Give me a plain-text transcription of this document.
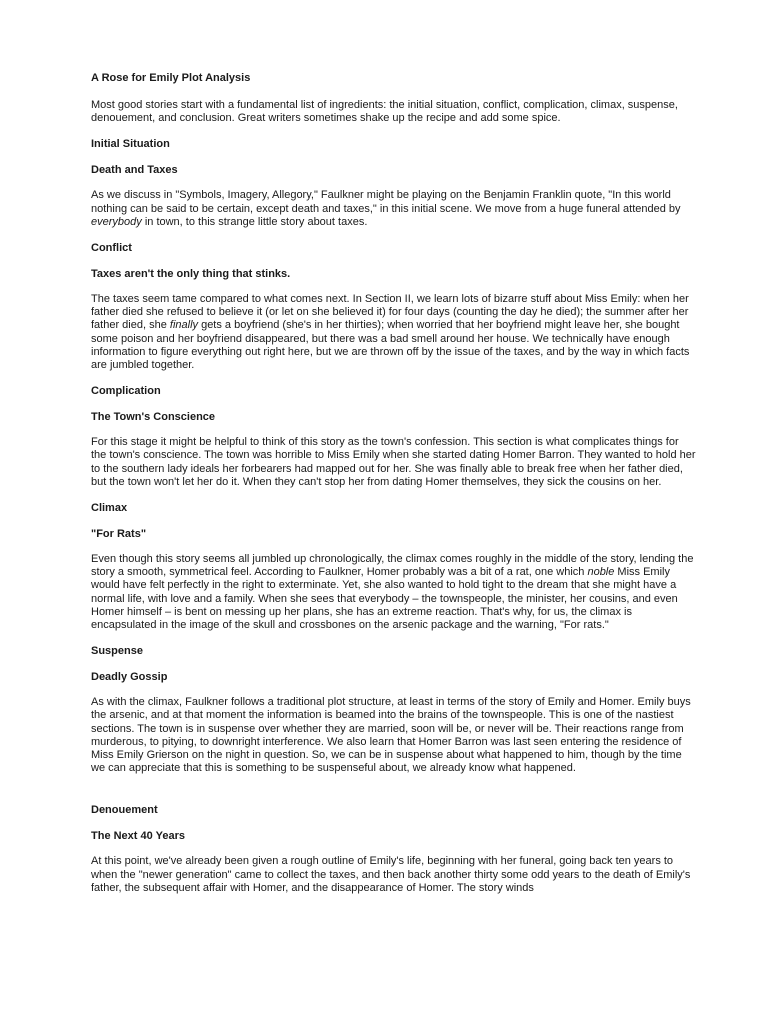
A Rose for Emily Plot Analysis

Most good stories start with a fundamental list of ingredients: the initial situation, conflict, complication, climax, suspense, denouement, and conclusion. Great writers sometimes shake up the recipe and add some spice.

Initial Situation

Death and Taxes

As we discuss in "Symbols, Imagery, Allegory," Faulkner might be playing on the Benjamin Franklin quote, "In this world nothing can be said to be certain, except death and taxes," in this initial scene. We move from a huge funeral attended by everybody in town, to this strange little story about taxes.

Conflict

Taxes aren't the only thing that stinks.

The taxes seem tame compared to what comes next. In Section II, we learn lots of bizarre stuff about Miss Emily: when her father died she refused to believe it (or let on she believed it) for four days (counting the day he died); the summer after her father died, she finally gets a boyfriend (she's in her thirties); when worried that her boyfriend might leave her, she bought some poison and her boyfriend disappeared, but there was a bad smell around her house. We technically have enough information to figure everything out right here, but we are thrown off by the issue of the taxes, and by the way in which facts are jumbled together.

Complication

The Town's Conscience

For this stage it might be helpful to think of this story as the town's confession. This section is what complicates things for the town's conscience. The town was horrible to Miss Emily when she started dating Homer Barron. They wanted to hold her to the southern lady ideals her forbearers had mapped out for her. She was finally able to break free when her father died, but the town won't let her do it. When they can't stop her from dating Homer themselves, they sick the cousins on her.

Climax

"For Rats"

Even though this story seems all jumbled up chronologically, the climax comes roughly in the middle of the story, lending the story a smooth, symmetrical feel. According to Faulkner, Homer probably was a bit of a rat, one which noble Miss Emily would have felt perfectly in the right to exterminate. Yet, she also wanted to hold tight to the dream that she might have a normal life, with love and a family. When she sees that everybody – the townspeople, the minister, her cousins, and even Homer himself – is bent on messing up her plans, she has an extreme reaction. That's why, for us, the climax is encapsulated in the image of the skull and crossbones on the arsenic package and the warning, "For rats."

Suspense

Deadly Gossip

As with the climax, Faulkner follows a traditional plot structure, at least in terms of the story of Emily and Homer. Emily buys the arsenic, and at that moment the information is beamed into the brains of the townspeople. This is one of the nastiest sections. The town is in suspense over whether they are married, soon will be, or never will be. Their reactions range from murderous, to pitying, to downright interference. We also learn that Homer Barron was last seen entering the residence of Miss Emily Grierson on the night in question. So, we can be in suspense about what happened to him, though by the time we can appreciate that this is something to be suspenseful about, we already know what happened.

Denouement

The Next 40 Years

At this point, we've already been given a rough outline of Emily's life, beginning with her funeral, going back ten years to when the "newer generation" came to collect the taxes, and then back another thirty some odd years to the death of Emily's father, the subsequent affair with Homer, and the disappearance of Homer. The story winds
